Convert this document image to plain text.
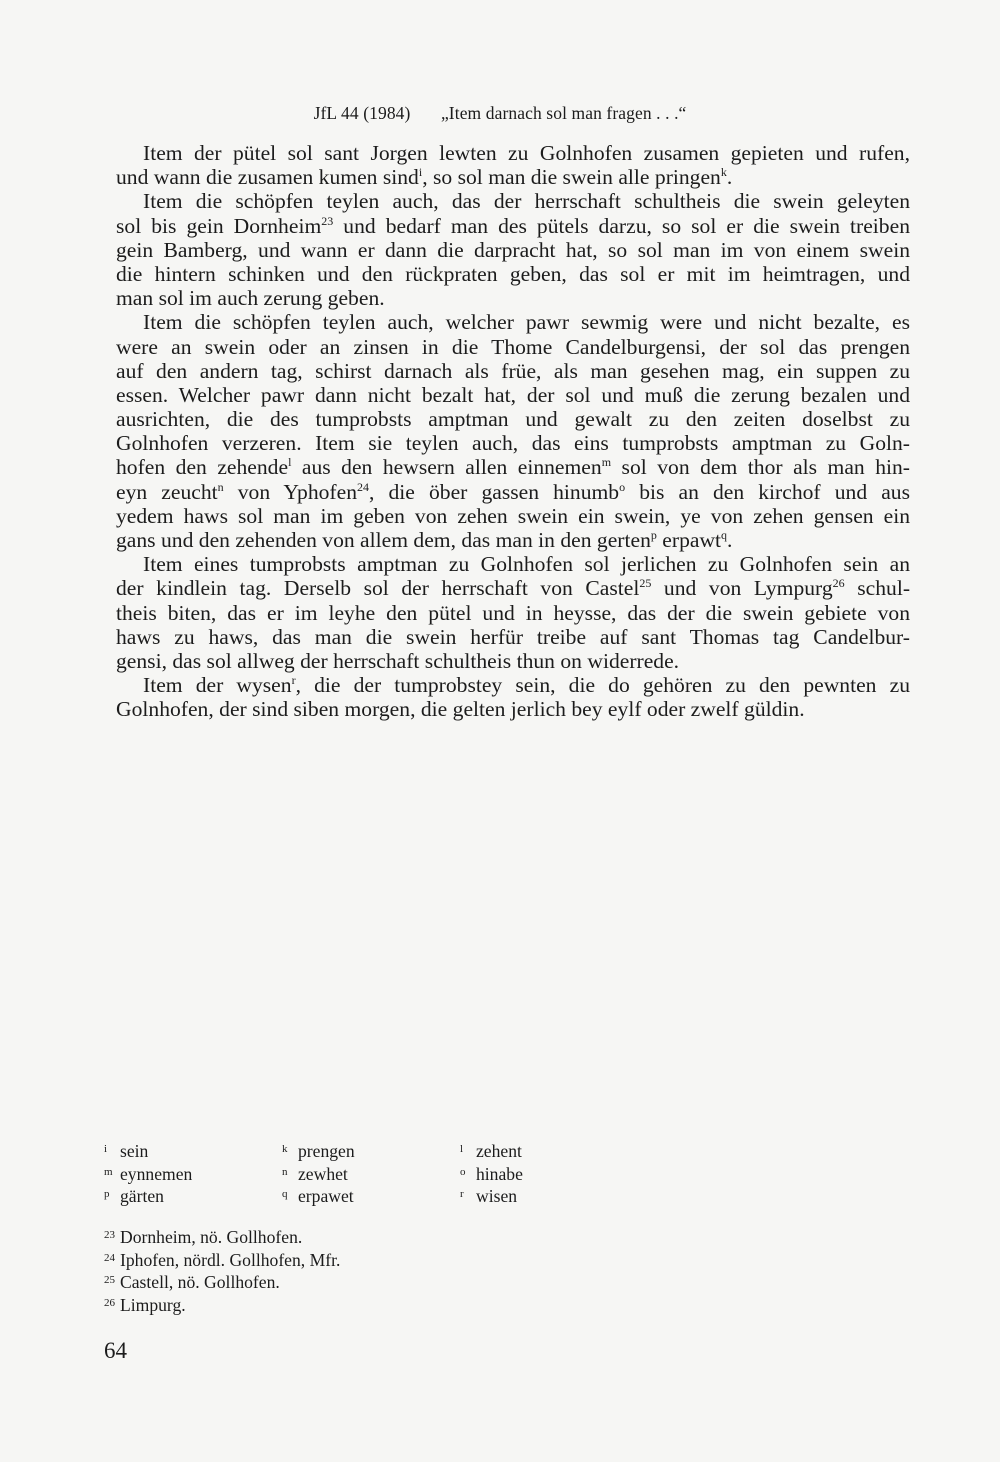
JfL 44 (1984) „Item darnach sol man fragen . . .“
Item der pütel sol sant Jorgen lewten zu Golnhofen zusamen gepieten und rufen,
und wann die zusamen kumen sind$^i$, so sol man die swein alle pringen$^k$.
Item die schöpfen teylen auch, das der herrschaft schultheis die swein geleyten
sol bis gein Dornheim$^{23}$ und bedarf man des pütels darzu, so sol er die swein treiben
gein Bamberg, und wann er dann die darpracht hat, so sol man im von einem swein
die hintern schinken und den rückpraten geben, das sol er mit im heimtragen, und
man sol im auch zerung geben.
Item die schöpfen teylen auch, welcher pawr sewmig were und nicht bezalte, es
were an swein oder an zinsen in die Thome Candelburgensi, der sol das prengen
auf den andern tag, schirst darnach als früe, als man gesehen mag, ein suppen zu
essen. Welcher pawr dann nicht bezalt hat, der sol und muß die zerung bezalen und
ausrichten, die des tumprobsts amptman und gewalt zu den zeiten doselbst zu
Golnhofen verzeren. Item sie teylen auch, das eins tumprobsts amptman zu Goln-
hofen den zehende$^l$ aus den hewsern allen einnemen$^m$ sol von dem thor als man hin-
eyn zeucht$^n$ von Yphofen$^{24}$, die öber gassen hinumb$^o$ bis an den kirchof und aus
yedem haws sol man im geben von zehen swein ein swein, ye von zehen gensen ein
gans und den zehenden von allem dem, das man in den gerten$^p$ erpawt$^q$.
Item eines tumprobsts amptman zu Golnhofen sol jerlichen zu Golnhofen sein an
der kindlein tag. Derselb sol der herrschaft von Castel$^{25}$ und von Lympurg$^{26}$ schul-
theis biten, das er im leyhe den pütel und in heysse, das der die swein gebiete von
haws zu haws, das man die swein herfür treibe auf sant Thomas tag Candelbur-
gensi, das sol allweg der herrschaft schultheis thun on widerrede.
Item der wysen$^r$, die der tumprobstey sein, die do gehören zu den pewnten zu
Golnhofen, der sind siben morgen, die gelten jerlich bey eylf oder zwelf güldin.
i sein	k prengen	l zehent
m eynnemen	n zewhet	o hinabe
p gärten	q erpawet	r wisen
23 Dornheim, nö. Gollhofen.
24 Iphofen, nördl. Gollhofen, Mfr.
25 Castell, nö. Gollhofen.
26 Limpurg.
64
